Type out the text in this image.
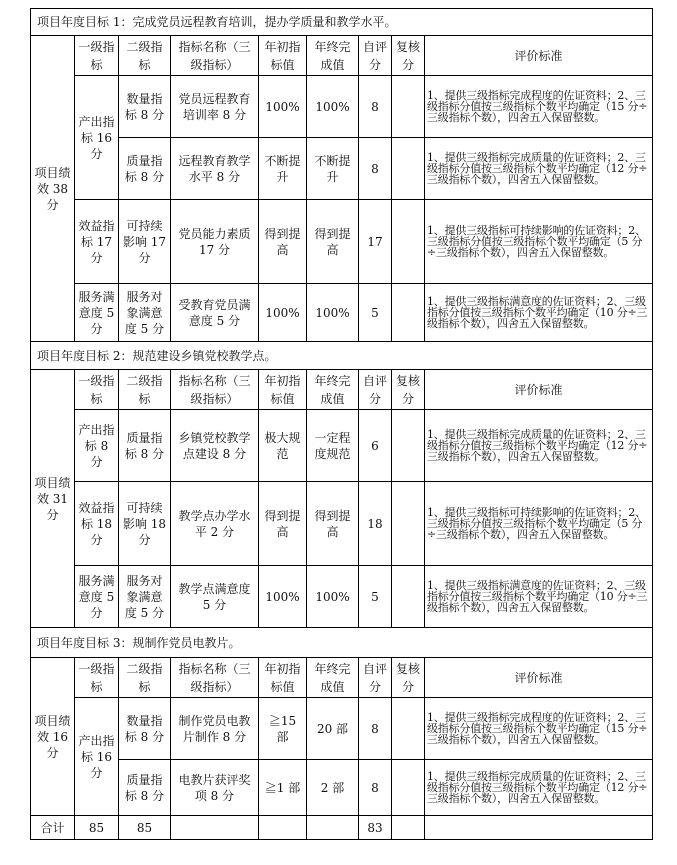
项目年度目标 1：完成党员远程教育培训，提办学质量和教学水平。								
项目绩效 38 分	一级指标	二级指标	指标名称（三级指标）	年初指标值	年终完成值	自评分	复核分	评价标准
	产出指标 16 分	数量指标 8 分	党员远程教育培训率 8 分	100%	100%	8		1、提供三级指标完成程度的佐证资料；2、三级指标分值按三级指标个数平均确定（15 分÷三级指标个数），四舍五入保留整数。
		质量指标 8 分	远程教育教学水平 8 分	不断提升	不断提升	8		1、提供三级指标完成质量的佐证资料；2、三级指标分值按三级指标个数平均确定（12 分÷三级指标个数），四舍五入保留整数。
	效益指标 17 分	可持续影响 17 分	党员能力素质 17 分	得到提高	得到提高	17		1、提供三级指标可持续影响的佐证资料；2、三级指标分值按三级指标个数平均确定（5 分÷三级指标个数），四舍五入保留整数。
	服务满意度 5 分	服务对象满意度 5 分	受教育党员满意度 5 分	100%	100%	5		1、提供三级指标满意度的佐证资料；2、三级指标分值按三级指标个数平均确定（10 分÷三级指标个数），四舍五入保留整数。
项目年度目标 2：规范建设乡镇党校教学点。								
项目绩效 31 分	一级指标	二级指标	指标名称（三级指标）	年初指标值	年终完成值	自评分	复核分	评价标准
	产出指标 8 分	质量指标 8 分	乡镇党校教学点建设 8 分	极大规范	一定程度规范	6		1、提供三级指标完成质量的佐证资料；2、三级指标分值按三级指标个数平均确定（12 分÷三级指标个数），四舍五入保留整数。
	效益指标 18 分	可持续影响 18 分	教学点办学水平 2 分	得到提高	得到提高	18		1、提供三级指标可持续影响的佐证资料；2、三级指标分值按三级指标个数平均确定（5 分÷三级指标个数），四舍五入保留整数。
	服务满意度 5 分	服务对象满意度 5 分	教学点满意度 5 分	100%	100%	5		1、提供三级指标满意度的佐证资料；2、三级指标分值按三级指标个数平均确定（10 分÷三级指标个数），四舍五入保留整数。
项目年度目标 3：规制作党员电教片。								
项目绩效 16 分	一级指标	二级指标	指标名称（三级指标）	年初指标值	年终完成值	自评分	复核分	评价标准
	产出指标 16 分	数量指标 8 分	制作党员电教片制作 8 分	≧15 部	20 部	8		1、提供三级指标完成程度的佐证资料；2、三级指标分值按三级指标个数平均确定（15 分÷三级指标个数），四舍五入保留整数。
		质量指标 8 分	电教片获评奖项 8 分	≧1 部	2 部	8		1、提供三级指标完成质量的佐证资料；2、三级指标分值按三级指标个数平均确定（12 分÷三级指标个数），四舍五入保留整数。
合计	85	85				83		
